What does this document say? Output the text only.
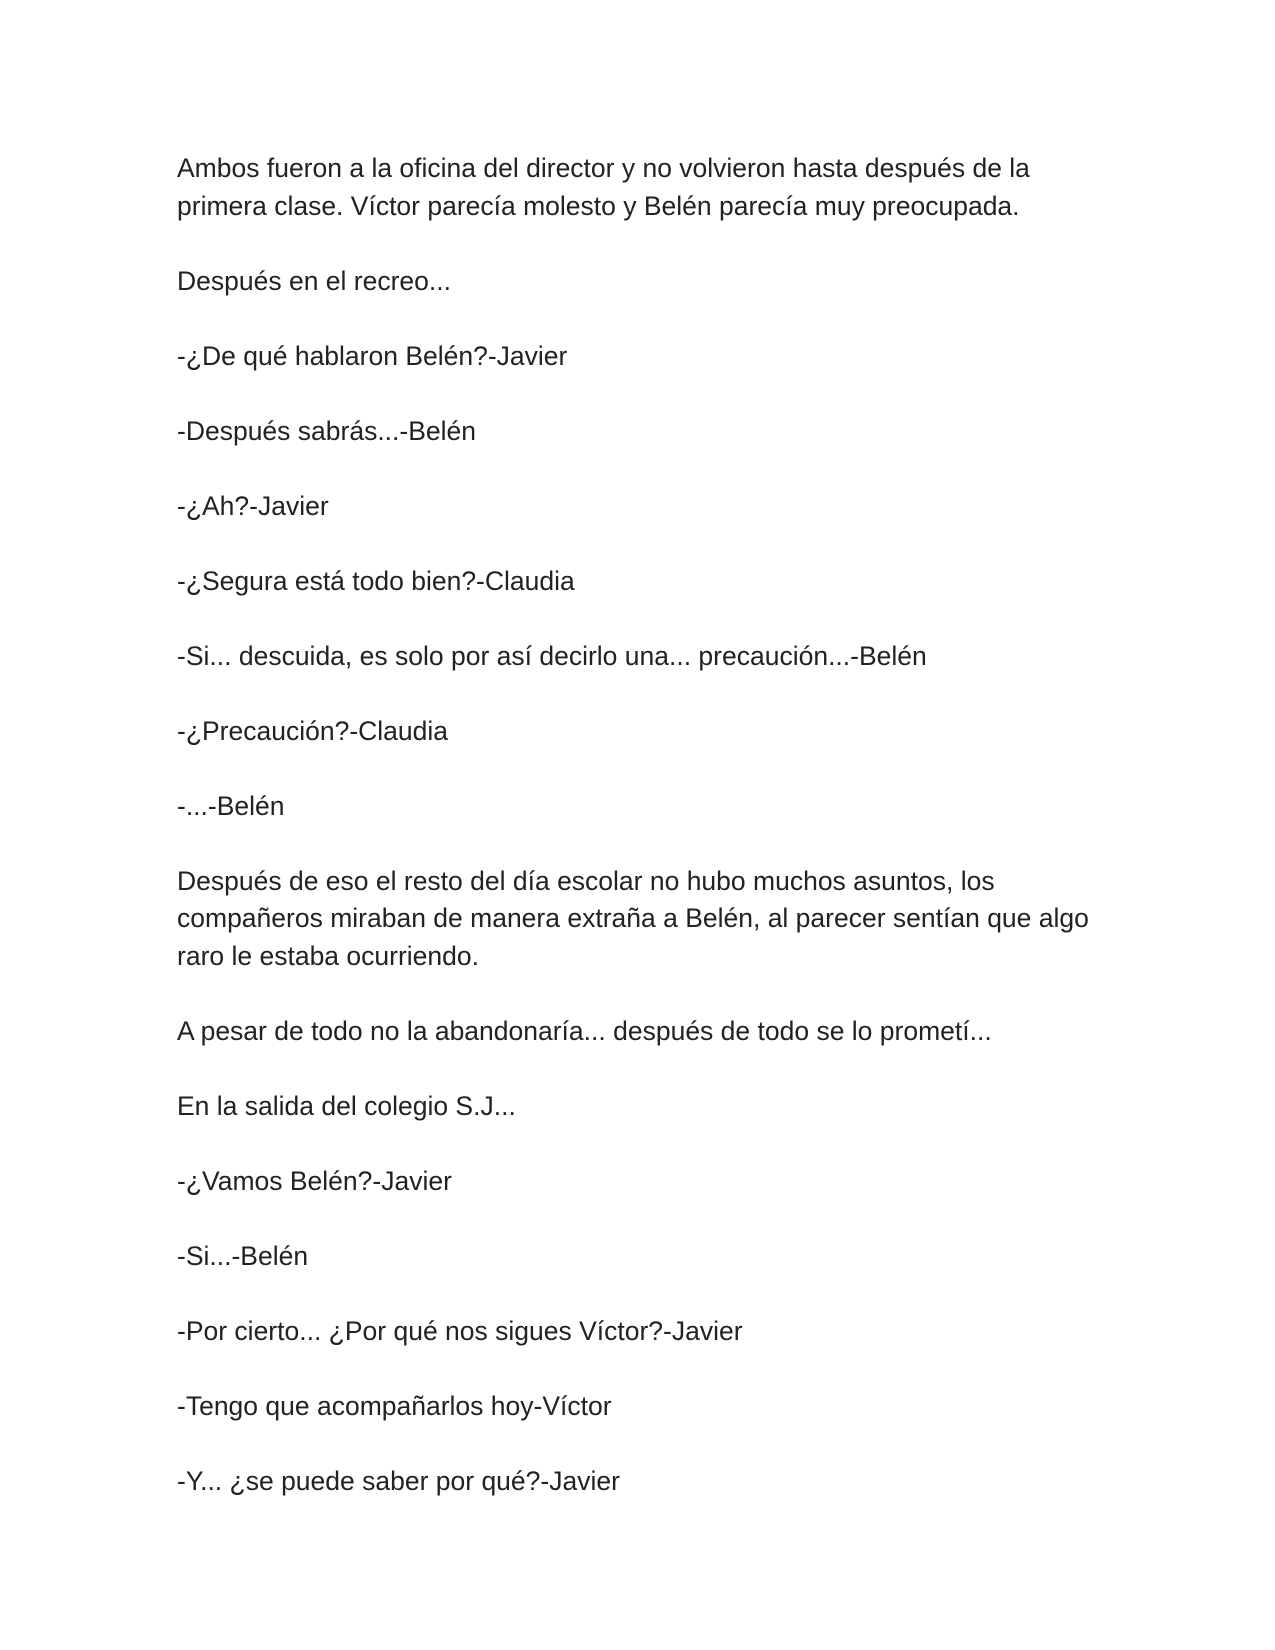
Ambos fueron a la oficina del director y no volvieron hasta después de la primera clase. Víctor parecía molesto y Belén parecía muy preocupada.

Después en el recreo...

-¿De qué hablaron Belén?-Javier

-Después sabrás...-Belén

-¿Ah?-Javier

-¿Segura está todo bien?-Claudia

-Si... descuida, es solo por así decirlo una... precaución...-Belén

-¿Precaución?-Claudia

-...-Belén

Después de eso el resto del día escolar no hubo muchos asuntos, los compañeros miraban de manera extraña a Belén, al parecer sentían que algo raro le estaba ocurriendo.

A pesar de todo no la abandonaría... después de todo se lo prometí...

En la salida del colegio S.J...

-¿Vamos Belén?-Javier

-Si...-Belén

-Por cierto... ¿Por qué nos sigues Víctor?-Javier

-Tengo que acompañarlos hoy-Víctor

-Y... ¿se puede saber por qué?-Javier
